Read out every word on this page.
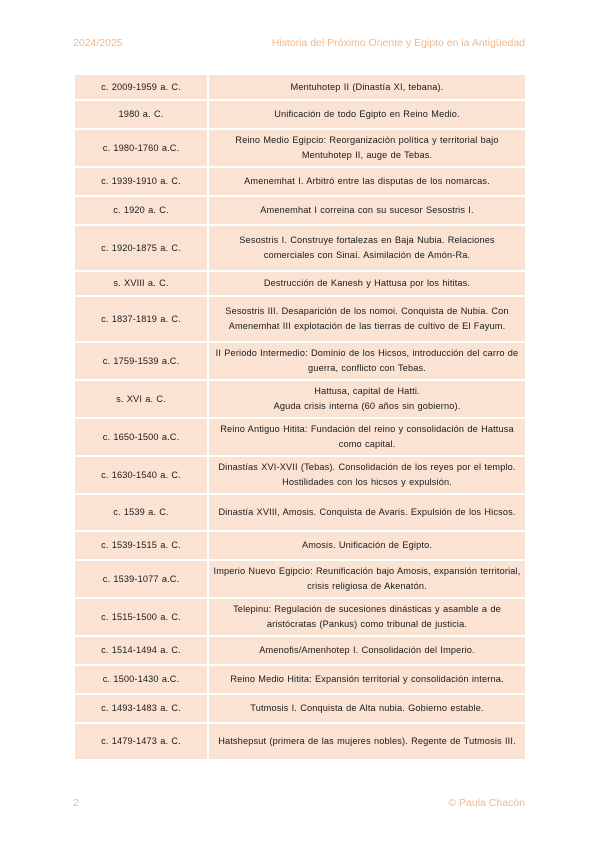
2024/2025	Historia del Próximo Oriente y Egipto en la Antigüedad
c. 2009-1959 a. C.	Mentuhotep II (Dinastía XI, tebana).
1980 a. C.	Unificación de todo Egipto en Reino Medio.
c. 1980-1760 a.C.	Reino Medio Egipcio: Reorganización política y territorial bajo Mentuhotep II, auge de Tebas.
c. 1939-1910 a. C.	Amenemhat I. Arbitró entre las disputas de los nomarcas.
c. 1920 a. C.	Amenemhat I correina con su sucesor Sesostris I.
c. 1920-1875 a. C.	Sesostris I. Construye fortalezas en Baja Nubia. Relaciones comerciales con Sinaí. Asimilación de Amón-Ra.
s. XVIII a. C.	Destrucción de Kanesh y Hattusa por los hititas.
c. 1837-1819 a. C.	Sesostris III. Desaparición de los nomoi. Conquista de Nubia. Con Amenemhat III explotación de las tierras de cultivo de El Fayum.
c. 1759-1539 a.C.	II Periodo Intermedio: Dominio de los Hicsos, introducción del carro de guerra, conflicto con Tebas.
s. XVI a. C.	Hattusa, capital de Hatti.
Aguda crisis interna (60 años sin gobierno).
c. 1650-1500 a.C.	Reino Antiguo Hitita: Fundación del reino y consolidación de Hattusa como capital.
c. 1630-1540 a. C.	Dinastías XVI-XVII (Tebas). Consolidación de los reyes por el templo. Hostilidades con los hicsos y expulsión.
c. 1539 a. C.	Dinastía XVIII, Amosis. Conquista de Avaris. Expulsión de los Hicsos.
c. 1539-1515 a. C.	Amosis. Unificación de Egipto.
c. 1539-1077 a.C.	Imperio Nuevo Egipcio: Reunificación bajo Amosis, expansión territorial, crisis religiosa de Akenatón.
c. 1515-1500 a. C.	Telepinu: Regulación de sucesiones dinásticas y asamble a de aristócratas (Pankus) como tribunal de justicia.
c. 1514-1494 a. C.	Amenofis/Amenhotep I. Consolidación del Imperio.
c. 1500-1430 a.C.	Reino Medio Hitita: Expansión territorial y consolidación interna.
c. 1493-1483 a. C.	Tutmosis I. Conquista de Alta nubia. Gobierno estable.
c. 1479-1473 a. C.	Hatshepsut (primera de las mujeres nobles). Regente de Tutmosis III.
2	© Paula Chacón
